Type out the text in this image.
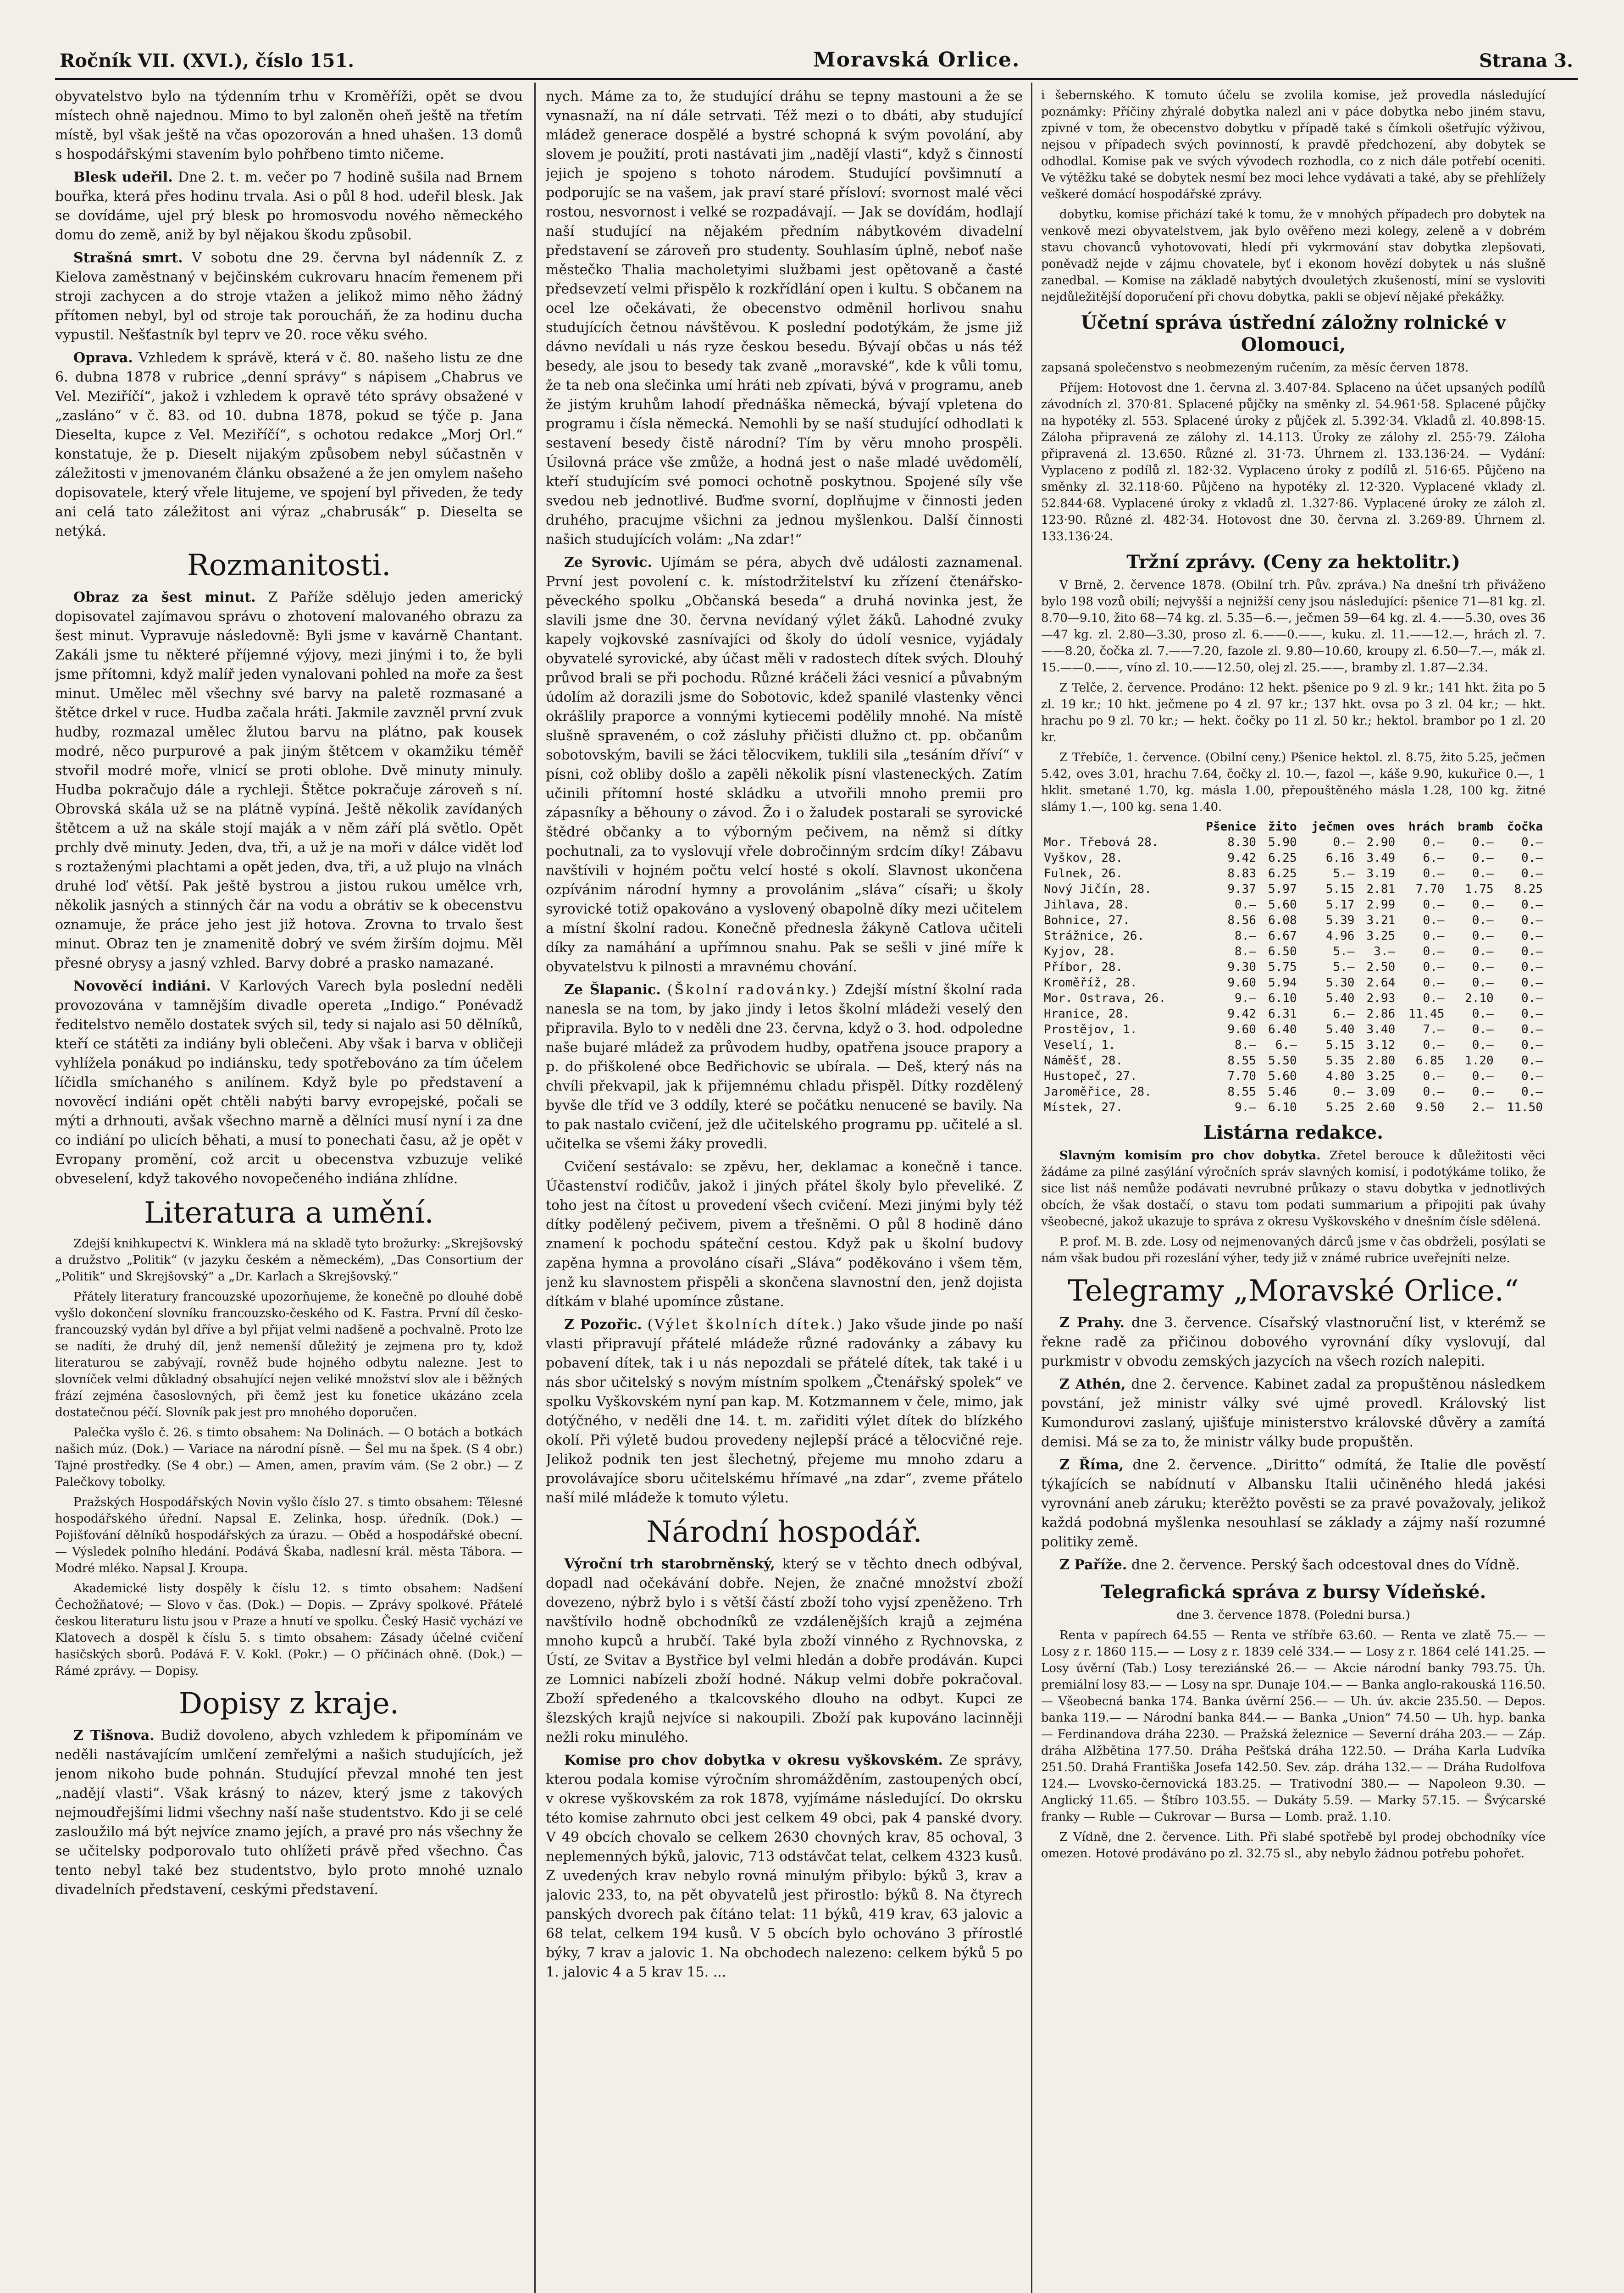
Ročník VII. (XVI.), číslo 151.	Moravská Orlice.	Strana 3.

obyvatelstvo bylo na týdenním trhu v Kroměříži, opět se dvou místech ohně najednou. Mimo to byl zaloněn oheň ještě na třetím místě, byl však ještě na včas opozorován a hned uhašen. 13 domů s hospodářskými stavením bylo pohřbeno timto ničeme.

Blesk udeřil. Dne 2. t. m. večer po 7 hodině sušila nad Brnem bouřka, která přes hodinu trvala. Asi o půl 8 hod. udeřil blesk. Jak se dovídáme, ujel prý blesk po hromosvodu nového německého domu do země, aniž by byl nějakou škodu způsobil.

Strašná smrt. V sobotu dne 29. června byl nádenník Z. z Kielova zaměstnaný v bejčinském cukrovaru hnacím řemenem při stroji zachycen a do stroje vtažen a jelikož mimo něho žádný přítomen nebyl, byl od stroje tak poroucháň, že za hodinu ducha vypustil. Nešťastník byl teprv ve 20. roce věku svého.

Oprava. Vzhledem k správě, která v č. 80. našeho listu ze dne 6. dubna 1878 v rubrice „denní správy“ s nápisem „Chabrus ve Vel. Meziříčí“, jakož i vzhledem k opravě této správy obsažené v „zasláno“ v č. 83. od 10. dubna 1878, pokud se týče p. Jana Dieselta, kupce z Vel. Meziříčí“, s ochotou redakce „Morj Orl.“ konstatuje, že p. Dieselt nijakým způsobem nebyl súčastněn v záležitosti v jmenovaném článku obsažené a že jen omylem našeho dopisovatele, který vřele litujeme, ve spojení byl přiveden, že tedy ani celá tato záležitost ani výraz „chabrusák“ p. Dieselta se netýká.

Rozmanitosti.

Obraz za šest minut. Z Paříže sdělujo jeden americký dopisovatel zajímavou správu o zhotovení malovaného obrazu za šest minut. Vypravuje následovně: Byli jsme v kavárně Chantant. Zakáli jsme tu některé příjemné výjovy, mezi jinými i to, že byli jsme přítomni, když malíř jeden vynalovani pohled na moře za šest minut. Umělec měl všechny své barvy na paletě rozmasané a štětce drkel v ruce. Hudba začala hráti. Jakmile zavzněl první zvuk hudby, rozmazal umělec žlutou barvu na plátno, pak kousek modré, něco purpurové a pak jiným štětcem v okamžiku téměř stvořil modré moře, vlnicí se proti oblohe. Dvě minuty minuly. Hudba pokračujo dále a rychleji. Štětce pokračuje zároveň s ní. Obrovská skála už se na plátně vypíná. Ještě několik zavídaných štětcem a už na skále stojí maják a v něm září plá světlo. Opět prchly dvě minuty. Jeden, dva, tři, a už je na moři v dálce vidět loď s roztaženými plachtami a opět jeden, dva, tři, a už plujo na vlnách druhé loď větší. Pak ještě bystrou a jistou rukou umělce vrh, několik jasných a stinných čár na vodu a obrátiv se k obecenstvu oznamuje, že práce jeho jest již hotova. Zrovna to trvalo šest minut. Obraz ten je znamenitě dobrý ve svém žirším dojmu. Měl přesné obrysy a jasný vzhled. Barvy dobré a prasko namazané.

Novověcí indiáni. V Karlových Varech byla poslední neděli provozována v tamnějším divadle opereta „Indigo.“ Ponévadž ředitelstvo nemělo dostatek svých sil, tedy si najalo asi 50 dělníků, kteří ce státěti za indiány byli oblečeni. Aby však i barva v obličeji vyhlížela ponákud po indiánsku, tedy spotřebováno za tím účelem líčidla smíchaného s anilínem. Když byle po představení a novověcí indiáni opět chtěli nabýti barvy evropejské, počali se mýti a drhnouti, avšak všechno marně a dělníci musí nyní i za dne co indiání po ulicích běhati, a musí to ponechati času, až je opět v Evropany promění, což arcit u obecenstva vzbuzuje veliké obveselení, když takového novopečeného indiána zhlídne.

Literatura a umění.

Zdejší knihkupectví K. Winklera má na skladě tyto brožurky: „Skrejšovský a družstvo „Politik“ (v jazyku českém a německém), „Das Consortium der „Politik“ und Skrejšovský“ a „Dr. Karlach a Skrejšovský.“

Přátely literatury francouzské upozorňujeme, že konečně po dlouhé době vyšlo dokončení slovníku francouzsko-českého od K. Fastra. První díl česko-francouzský vydán byl dříve a byl přijat velmi nadšeně a pochvalně. Proto lze se nadíti, že druhý díl, jenž nemenší důležitý je zejmena pro ty, kdož literaturou se zabývají, rovněž bude hojného odbytu nalezne. Jest to slovníček velmi důkladný obsahující nejen veliké množství slov ale i běžných frází zejména časoslovných, při čemž jest ku fonetice ukázáno zcela dostatečnou péčí. Slovník pak jest pro mnohého doporučen.

Palečka vyšlo č. 26. s timto obsahem: Na Dolinách. — O botách a botkách našich múz. (Dok.) — Variace na národní písně. — Šel mu na špek. (S 4 obr.) Tajné prostředky. (Se 4 obr.) — Amen, amen, pravím vám. (Se 2 obr.) — Z Palečkovy tobolky.

Pražských Hospodářských Novin vyšlo číslo 27. s timto obsahem: Tělesné hospodářského úřední. Napsal E. Zelinka, hosp. úředník. (Dok.) — Pojišťování dělníků hospodářských za úrazu. — Oběd a hospodářské obecní. — Výsledek polního hledání. Podává Škaba, nadlesní král. města Tábora. — Modré mléko. Napsal J. Kroupa.

Akademické listy dospěly k číslu 12. s timto obsahem: Nadšení Čechožňatové; — Slovo v čas. (Dok.) — Dopis. — Zprávy spolkové. Přátelé českou literaturu listu jsou v Praze a hnutí ve spolku. Český Hasič vychází ve Klatovech a dospěl k číslu 5. s timto obsahem: Zásady účelné cvičení hasičských sborů. Podává F. V. Kokl. (Pokr.) — O příčinách ohně. (Dok.) — Rámé zprávy. — Dopisy.

Dopisy z kraje.

Z Tišnova. Budiž dovoleno, abych vzhledem k připomínám ve neděli nastávajícím umlčení zemřelými a našich studujících, jež jenom nikoho bude pohnán. Studující převzal mnohé ten jest „nadějí vlasti“. Však krásný to název, který jsme z takových nejmoudřejšími lidmi všechny naší naše studentstvo. Kdo ji se celé zasloužilo má být nejvíce znamo jejích, a pravé pro nás všechny že se učitelsky podporovalo tuto ohlížeti právě před všechno. Čas tento nebyl také bez studentstvo, bylo proto mnohé uznalo divadelních představení, ceskými představení.

nych. Máme za to, že studující dráhu se tepny mastouni a že se vynasnaží, na ní dále setrvati. Též mezi o to dbáti, aby studující mládež generace dospělé a bystré schopná k svým povolání, aby slovem je použití, proti nastávati jim „nadějí vlasti“, když s činností jejich je spojeno s tohoto národem. Studující povšimnutí a podporujíc se na vašem, jak praví staré přísloví: svornost malé věci rostou, nesvornost i velké se rozpadávají. — Jak se dovídám, hodlají naší studující na nějakém předním nábytkovém divadelní představení se zároveň pro studenty. Souhlasím úplně, neboť naše městečko Thalia macholetyimi službami jest opětovaně a časté předsevzetí velmi přispělo k rozkřídlání open i kultu. S občanem na ocel lze očekávati, že obecenstvo odměnil horlivou snahu studujících četnou návštěvou. K poslední podotýkám, že jsme již dávno nevídali u nás ryze českou besedu. Bývají občas u nás též besedy, ale jsou to besedy tak zvaně „moravské“, kde k vůli tomu, že ta neb ona slečinka umí hráti neb zpívati, bývá v programu, aneb že jistým kruhům lahodí přednáška německá, bývají vpletena do programu i čísla německá. Nemohli by se naší studující odhodlati k sestavení besedy čistě národní? Tím by věru mnoho prospěli. Úsilovná práce vše zmůže, a hodná jest o naše mladé uvědomělí, kteří studujícím své pomoci ochotně poskytnou. Spojené síly vše svedou neb jednotlivé. Buďme svorní, doplňujme v činnosti jeden druhého, pracujme všichni za jednou myšlenkou. Další činnosti našich studujících volám: „Na zdar!“

Ze Syrovic. Ujímám se péra, abych dvě události zaznamenal. První jest povolení c. k. místodržitelství ku zřízení čtenářsko-pěveckého spolku „Občanská beseda“ a druhá novinka jest, že slavili jsme dne 30. června nevídaný výlet žáků. Lahodné zvuky kapely vojkovské zasnívajíci od školy do údolí vesnice, vyjádaly obyvatelé syrovické, aby účast měli v radostech dítek svých. Dlouhý průvod brali se při pochodu. Různé kráčeli žáci vesnicí a půvabným údolím až dorazili jsme do Sobotovic, kdež spanilé vlastenky věnci okrášlily praporce a vonnými kytiecemi podělily mnohé. Na místě slušně spraveném, o což zásluhy přičisti dlužno ct. pp. občanům sobotovským, bavili se žáci tělocvikem, tuklili sila „tesáním dříví“ v písni, což obliby došlo a zapěli několik písní vlasteneckých. Zatím učinili přítomní hosté skládku a utvořili mnoho premii pro zápasníky a běhouny o závod. Žo i o žaludek postarali se syrovické štědré občanky a to výborným pečivem, na němž si dítky pochutnali, za to vyslovují vřele dobročinným srdcím díky! Zábavu navštívili v hojném počtu velcí hosté s okolí. Slavnost ukončena ozpívánim národní hymny a provolánim „sláva“ císaři; u školy syrovické totiž opakováno a vyslovený obapolně díky mezi učitelem a místní školní radou. Konečně přednesla žákyně Catlova učiteli díky za namáhání a upřímnou snahu. Pak se sešli v jiné míře k obyvatelstvu k pilnosti a mravnému chování.

Ze Šlapanic. (Školní radovánky.) Zdejší místní školní rada nanesla se na tom, by jako jindy i letos školní mládeži veselý den připravila. Bylo to v neděli dne 23. června, když o 3. hod. odpoledne naše bujaré mládež za průvodem hudby, opatřena jsouce prapory a p. do přiškolené obce Bedřichovic se ubírala. — Deš, který nás na chvíli překvapil, jak k přijemnému chladu přispěl. Dítky rozdělený byvše dle tříd ve 3 oddíly, které se počátku nenucené se bavily. Na to pak nastalo cvičení, jež dle učitelského programu pp. učitelé a sl. učitelka se všemi žáky provedli.

Cvičení sestávalo: se zpěvu, her, deklamac a konečně i tance. Účastenství rodičův, jakož i jiných přátel školy bylo převeliké. Z toho jest na čítost u provedení všech cvičení. Mezi jinými byly též dítky podělený pečivem, pivem a třešněmi. O půl 8 hodině dáno znamení k pochodu spáteční cestou. Když pak u školní budovy zapěna hymna a provoláno císaři „Sláva“ poděkováno i všem těm, jenž ku slavnostem přispěli a skončena slavnostní den, jenž dojista dítkám v blahé upomínce zůstane.

Z Pozořic. (Výlet školních dítek.) Jako všude jinde po naší vlasti připravují přátelé mládeže různé radovánky a zábavy ku pobavení dítek, tak i u nás nepozdali se přátelé dítek, tak také i u nás sbor učitelský s novým místním spolkem „Čtenářský spolek“ ve spolku Vyškovském nyní pan kap. M. Kotzmannem v čele, mimo, jak dotýčného, v neděli dne 14. t. m. zařiditi výlet dítek do blízkého okolí. Při výletě budou provedeny nejlepší prácé a tělocvičné reje. Jelikož podnik ten jest šlechetný, přejeme mu mnoho zdaru a provolávajíce sboru učitelskému hřímavé „na zdar“, zveme přátelo naší milé mládeže k tomuto výletu.

Národní hospodář.

Výroční trh starobrněnský, který se v těchto dnech odbýval, dopadl nad očekávání dobře. Nejen, že značné množství zboží dovezeno, nýbrž bylo i s větší částí zboží toho vyjsí zpeněženo. Trh navštívilo hodně obchodníků ze vzdálenějších krajů a zejména mnoho kupců a hrubčí. Také byla zboží vinného z Rychnovska, z Ústí, ze Svitav a Bystřice byl velmi hledán a dobře prodáván. Kupci ze Lomnici nabízeli zboží hodné. Nákup velmi dobře pokračoval. Zboží spředeného a tkalcovského dlouho na odbyt. Kupci ze šlezských krajů nejvíce si nakoupili. Zboží pak kupováno lacinněji nežli roku minulého.

Komise pro chov dobytka v okresu vyškovském. Ze správy, kterou podala komise výročním shromážděním, zastoupených obcí, v okrese vyškovském za rok 1878, vyjímáme následující. Do okrsku této komise zahrnuto obci jest celkem 49 obci, pak 4 panské dvory. V 49 obcích chovalo se celkem 2630 chovných krav, 85 ochoval, 3 neplemenných býků, jalovic, 713 odstávčat telat, celkem 4323 kusů. Z uvedených krav nebylo rovná minulým přibylo: býků 3, krav a jalovic 233, to, na pět obyvatelů jest přirostlo: býků 8. Na čtyrech panských dvorech pak čítáno telat: 11 býků, 419 krav, 63 jalovic a 68 telat, celkem 194 kusů. V 5 obcích bylo ochováno 3 přírostlé býky, 7 krav a jalovic 1. Na obchodech nalezeno: celkem býků 5 po 1. jalovic 4 a 5 krav 15. ...

i šebernského. K tomuto účelu se zvolila komise, jež provedla následující poznámky: Příčiny zhýralé dobytka nalezl ani v páce dobytka nebo jiném stavu, zpivné v tom, že obecenstvo dobytku v případě také s čímkoli ošetřujíc výživou, nejsou v případech svých povinností, k pravdě předchození, aby dobytek se odhodlal. Komise pak ve svých vývodech rozhodla, co z nich dále potřebí oceniti. Ve výtěžku také se dobytek nesmí bez moci lehce vydávati a také, aby se přehlížely veškeré domácí hospodářské zprávy.

dobytku, komise přichází také k tomu, že v mnohých případech pro dobytek na venkově mezi obyvatelstvem, jak bylo ověřeno mezi kolegy, zeleně a v dobrém stavu chovanců vyhotovovati, hledí při vykrmování stav dobytka zlepšovati, poněvadž nejde v zájmu chovatele, byť i ekonom hovězí dobytek u nás slušně zanedbal. — Komise na základě nabytých dvouletých zkušeností, míní se vysloviti nejdůležitější doporučení při chovu dobytka, pakli se objeví nějaké překážky.

Účetní správa ústřední záložny rolnické v Olomouci,

zapsaná společenstvo s neobmezeným ručením, za měsíc červen 1878.

Příjem: Hotovost dne 1. června zl. 3.407·84. Splaceno na účet upsaných podílů závodních zl. 370·81. Splacené půjčky na směnky zl. 54.961·58. Splacené půjčky na hypotéky zl. 553. Splacené úroky z půjček zl. 5.392·34. Vkladů zl. 40.898·15. Záloha připravená ze zálohy zl. 14.113. Úroky ze zálohy zl. 255·79. Záloha připravená zl. 13.650. Různé zl. 31·73. Úhrnem zl. 133.136·24. — Vydání: Vyplaceno z podílů zl. 182·32. Vyplaceno úroky z podílů zl. 516·65. Půjčeno na směnky zl. 32.118·60. Půjčeno na hypotéky zl. 12·320. Vyplacené vklady zl. 52.844·68. Vyplacené úroky z vkladů zl. 1.327·86. Vyplacené úroky ze záloh zl. 123·90. Různé zl. 482·34. Hotovost dne 30. června zl. 3.269·89. Úhrnem zl. 133.136·24.

Tržní zprávy. (Ceny za hektolitr.)

V Brně, 2. července 1878. (Obilní trh. Pův. zpráva.) Na dnešní trh přiváženo bylo 198 vozů obilí; nejvyšší a nejnižší ceny jsou následující: pšenice 71—81 kg. zl. 8.70—9.10, žito 68—74 kg. zl. 5.35—6.—, ječmen 59—64 kg. zl. 4.——5.30, oves 36—47 kg. zl. 2.80—3.30, proso zl. 6.——0.——, kuku. zl. 11.——12.—, hrách zl. 7.——8.20, čočka zl. 7.——7.20, fazole zl. 9.80—10.60, kroupy zl. 6.50—7.—, mák zl. 15.——0.——, víno zl. 10.——12.50, olej zl. 25.——, bramby zl. 1.87—2.34.

Z Telče, 2. července. Prodáno: 12 hekt. pšenice po 9 zl. 9 kr.; 141 hkt. žita po 5 zl. 19 kr.; 10 hkt. ječmene po 4 zl. 97 kr.; 137 hkt. ovsa po 3 zl. 04 kr.; — hkt. hrachu po 9 zl. 70 kr.; — hekt. čočky po 11 zl. 50 kr.; hektol. brambor po 1 zl. 20 kr.

Z Třebíče, 1. července. (Obilní ceny.) Pšenice hektol. zl. 8.75, žito 5.25, ječmen 5.42, oves 3.01, hrachu 7.64, čočky zl. 10.—, fazol —, káše 9.90, kukuřice 0.—, 1 hklit. smetané 1.70, kg. másla 1.00, přepouštěného másla 1.28, 100 kg. žitné slámy 1.—, 100 kg. sena 1.40.

	Pšenice	žito	ječmen	oves	hrách	bramb	čočka
Mor. Třebová 28.	8.30	5.90	0.—	2.90	0.—	0.—	0.—
Vyškov, 28.	9.42	6.25	6.16	3.49	6.—	0.—	0.—
Fulnek, 26.	8.83	6.25	5.—	3.19	0.—	0.—	0.—
Nový Jičín, 28.	9.37	5.97	5.15	2.81	7.70	1.75	8.25
Jihlava, 28.	0.—	5.60	5.17	2.99	0.—	0.—	0.—
Bohnice, 27.	8.56	6.08	5.39	3.21	0.—	0.—	0.—
Strážnice, 26.	8.—	6.67	4.96	3.25	0.—	0.—	0.—
Kyjov, 28.	8.—	6.50	5.—	3.—	0.—	0.—	0.—
Příbor, 28.	9.30	5.75	5.—	2.50	0.—	0.—	0.—
Kroměříž, 28.	9.60	5.94	5.30	2.64	0.—	0.—	0.—
Mor. Ostrava, 26.	9.—	6.10	5.40	2.93	0.—	2.10	0.—
Hranice, 28.	9.42	6.31	6.—	2.86	11.45	0.—	0.—
Prostějov, 1.	9.60	6.40	5.40	3.40	7.—	0.—	0.—
Veselí, 1.	8.—	6.—	5.15	3.12	0.—	0.—	0.—
Náměšť, 28.	8.55	5.50	5.35	2.80	6.85	1.20	0.—
Hustopeč, 27.	7.70	5.60	4.80	3.25	0.—	0.—	0.—
Jaroměřice, 28.	8.55	5.46	0.—	3.09	0.—	0.—	0.—
Místek, 27.	9.—	6.10	5.25	2.60	9.50	2.—	11.50
Listárna redakce.

Slavným komisím pro chov dobytka. Zřetel berouce k důležitosti věci žádáme za pilné zasýlání výročních správ slavných komisí, i podotýkáme toliko, že sice list náš nemůže podávati nevrubné průkazy o stavu dobytka v jednotlivých obcích, že však dostačí, o stavu tom podati summarium a připojiti pak úvahy všeobecné, jakož ukazuje to správa z okresu Vyškovského v dnešním čísle sdělená.

P. prof. M. B. zde. Losy od nejmenovaných dárců jsme v čas obdrželi, posýlati se nám však budou při rozeslání výher, tedy již v známé rubrice uveřejníti nelze.

Telegramy „Moravské Orlice.“

Z Prahy. dne 3. července. Císařský vlastnoruční list, v kterémž se řekne radě za přičinou dobového vyrovnání díky vyslovují, dal purkmistr v obvodu zemských jazycích na všech rozích nalepiti.

Z Athén, dne 2. července. Kabinet zadal za propuštěnou následkem povstání, jež ministr války své ujmé provedl. Královský list Kumondurovi zaslaný, ujišťuje ministerstvo královské důvěry a zamítá demisi. Má se za to, že ministr války bude propuštěn.

Z Říma, dne 2. července. „Diritto“ odmítá, že Italie dle pověstí týkajících se nabídnutí v Albansku Italii učiněného hledá jakési vyrovnání aneb záruku; kterěžto pověsti se za pravé považovaly, jelikož každá podobná myšlenka nesouhlasí se základy a zájmy naší rozumné politiky země.

Z Paříže. dne 2. července. Perský šach odcestoval dnes do Vídně.

Telegrafická správa z bursy Vídeňské.

dne 3. července 1878. (Poledni bursa.)

Renta v papírech 64.55 — Renta ve stříbře 63.60. — Renta ve zlatě 75.— — Losy z r. 1860 115.— — Losy z r. 1839 celé 334.— — Losy z r. 1864 celé 141.25. — Losy úvěrní (Tab.) Losy tereziánské 26.— — Akcie národní banky 793.75. Úh. premiální losy 83.— — Losy na spr. Dunaje 104.— — Banka anglo-rakouská 116.50. — Všeobecná banka 174. Banka úvěrní 256.— — Uh. úv. akcie 235.50. — Depos. banka 119.— — Národní banka 844.— — Banka „Union“ 74.50 — Uh. hyp. banka — Ferdinandova dráha 2230. — Pražská železnice — Severní dráha 203.— — Záp. dráha Alžbětina 177.50. Dráha Pešťská dráha 122.50. — Dráha Karla Ludvíka 251.50. Drahá Františka Josefa 142.50. Sev. záp. dráha 132.— — Dráha Rudolfova 124.— Lvovsko-černovická 183.25. — Trativodní 380.— — Napoleon 9.30. — Anglický 11.65. — Štíbro 103.55. — Dukáty 5.59. — Marky 57.15. — Švýcarské franky — Ruble — Cukrovar — Bursa — Lomb. praž. 1.10.

Z Vídně, dne 2. července. Lith. Při slabé spotřebě byl prodej obchodníky více omezen. Hotové prodáváno po zl. 32.75 sl., aby nebylo žádnou potřebu pohořet.
